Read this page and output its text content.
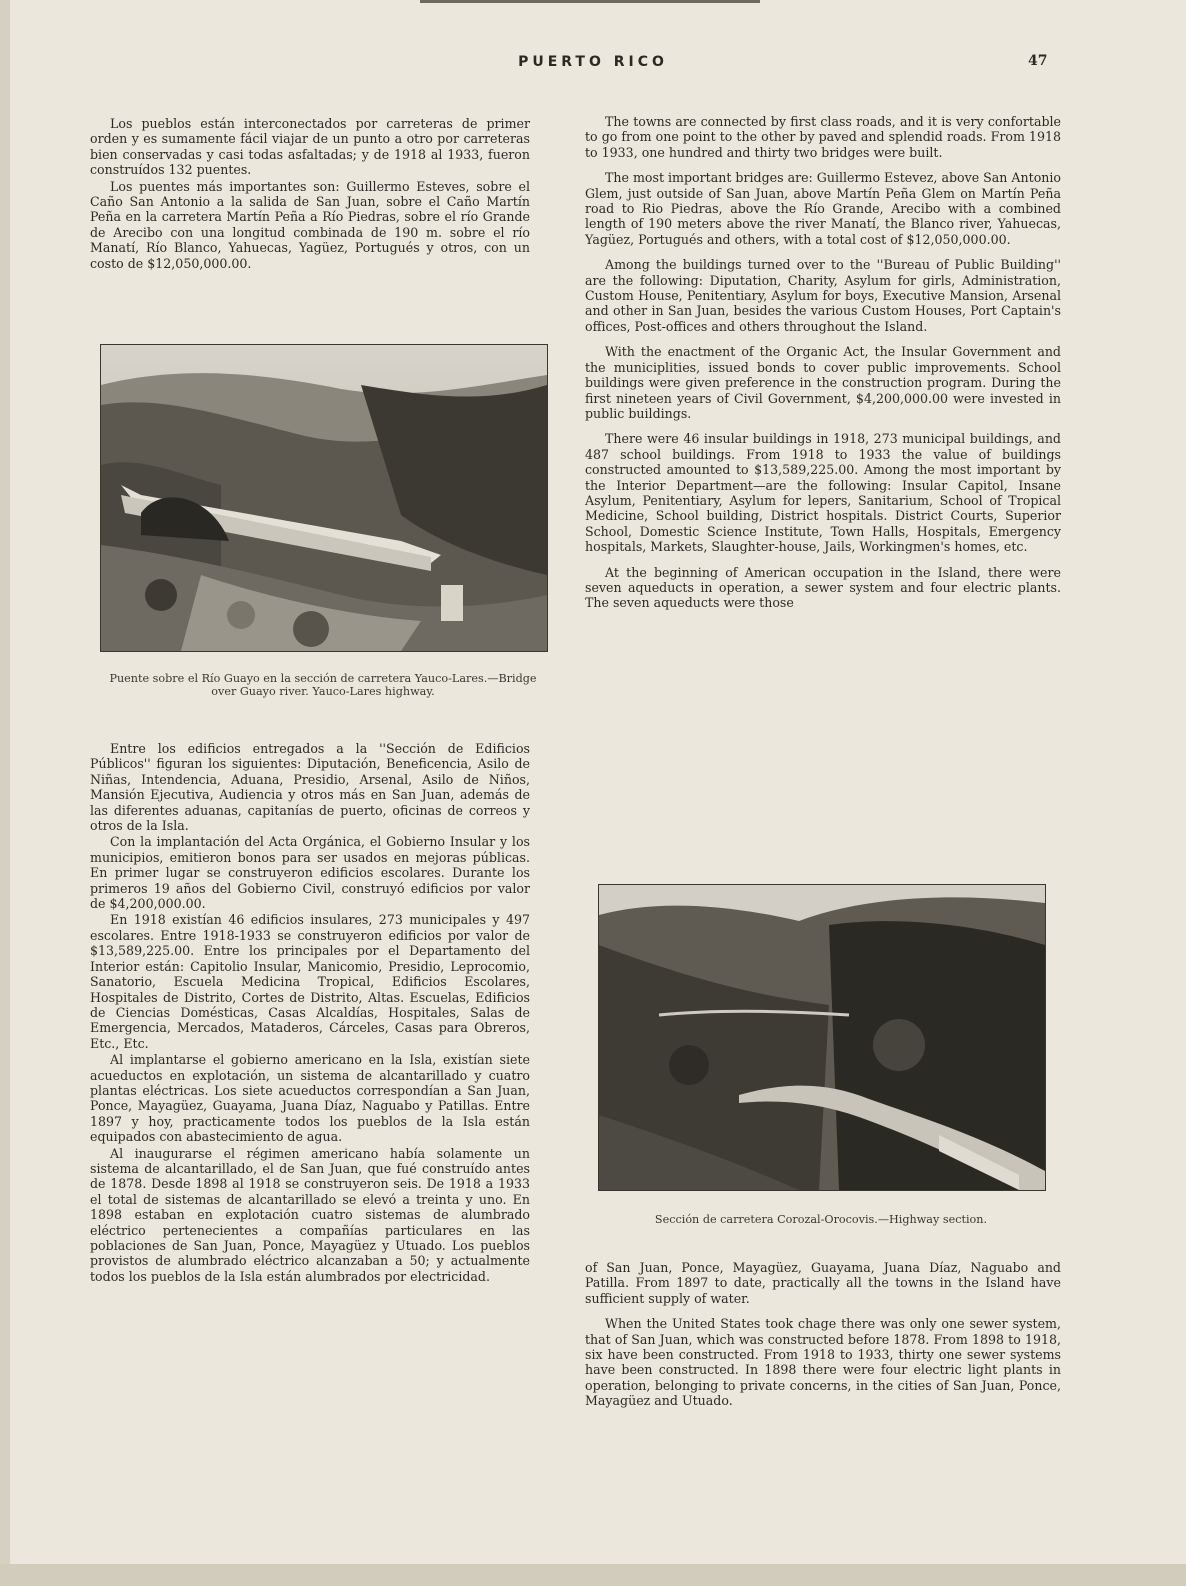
PUERTO RICO	47

Los pueblos están interconectados por carreteras de primer orden y es sumamente fácil viajar de un punto a otro por carreteras bien conservadas y casi todas asfaltadas; y de 1918 al 1933, fueron construídos 132 puentes.

Los puentes más importantes son: Guillermo Esteves, sobre el Caño San Antonio a la salida de San Juan, sobre el Caño Martín Peña en la carretera Martín Peña a Río Piedras, sobre el río Grande de Arecibo con una longitud combinada de 190 m. sobre el río Manatí, Río Blanco, Yahuecas, Yagüez, Portugués y otros, con un costo de $12,050,000.00.

Puente sobre el Río Guayo en la sección de carretera Yauco-Lares.—Bridge over Guayo river. Yauco-Lares highway.

Entre los edificios entregados a la ''Sección de Edificios Públicos'' figuran los siguientes: Diputación, Beneficencia, Asilo de Niñas, Intendencia, Aduana, Presidio, Arsenal, Asilo de Niños, Mansión Ejecutiva, Audiencia y otros más en San Juan, además de las diferentes aduanas, capitanías de puerto, oficinas de correos y otros de la Isla.

Con la implantación del Acta Orgánica, el Gobierno Insular y los municipios, emitieron bonos para ser usados en mejoras públicas. En primer lugar se construyeron edificios escolares. Durante los primeros 19 años del Gobierno Civil, construyó edificios por valor de $4,200,000.00.

En 1918 existían 46 edificios insulares, 273 municipales y 497 escolares. Entre 1918-1933 se construyeron edificios por valor de $13,589,225.00. Entre los principales por el Departamento del Interior están: Capitolio Insular, Manicomio, Presidio, Leprocomio, Sanatorio, Escuela Medicina Tropical, Edificios Escolares, Hospitales de Distrito, Cortes de Distrito, Altas. Escuelas, Edificios de Ciencias Domésticas, Casas Alcaldías, Hospitales, Salas de Emergencia, Mercados, Mataderos, Cárceles, Casas para Obreros, Etc., Etc.

Al implantarse el gobierno americano en la Isla, existían siete acueductos en explotación, un sistema de alcantarillado y cuatro plantas eléctricas. Los siete acueductos correspondían a San Juan, Ponce, Mayagüez, Guayama, Juana Díaz, Naguabo y Patillas. Entre 1897 y hoy, practicamente todos los pueblos de la Isla están equipados con abastecimiento de agua.

Al inaugurarse el régimen americano había solamente un sistema de alcantarillado, el de San Juan, que fué construído antes de 1878. Desde 1898 al 1918 se construyeron seis. De 1918 a 1933 el total de sistemas de alcantarillado se elevó a treinta y uno. En 1898 estaban en explotación cuatro sistemas de alumbrado eléctrico pertenecientes a compañías particulares en las poblaciones de San Juan, Ponce, Mayagüez y Utuado. Los pueblos provistos de alumbrado eléctrico alcanzaban a 50; y actualmente todos los pueblos de la Isla están alumbrados por electricidad.

The towns are connected by first class roads, and it is very confortable to go from one point to the other by paved and splendid roads. From 1918 to 1933, one hundred and thirty two bridges were built.

The most important bridges are: Guillermo Estevez, above San Antonio Glem, just outside of San Juan, above Martín Peña Glem on Martín Peña road to Rio Piedras, above the Río Grande, Arecibo with a combined length of 190 meters above the river Manatí, the Blanco river, Yahuecas, Yagüez, Portugués and others, with a total cost of $12,050,000.00.

Among the buildings turned over to the ''Bureau of Public Building'' are the following: Diputation, Charity, Asylum for girls, Administration, Custom House, Penitentiary, Asylum for boys, Executive Mansion, Arsenal and other in San Juan, besides the various Custom Houses, Port Captain's offices, Post-offices and others throughout the Island.

With the enactment of the Organic Act, the Insular Government and the municiplities, issued bonds to cover public improvements. School buildings were given preference in the construction program. During the first nineteen years of Civil Government, $4,200,000.00 were invested in public buildings.

There were 46 insular buildings in 1918, 273 municipal buildings, and 487 school buildings. From 1918 to 1933 the value of buildings constructed amounted to $13,589,225.00. Among the most important by the Interior Department—are the following: Insular Capitol, Insane Asylum, Penitentiary, Asylum for lepers, Sanitarium, School of Tropical Medicine, School building, District hospitals. District Courts, Superior School, Domestic Science Institute, Town Halls, Hospitals, Emergency hospitals, Markets, Slaughter-house, Jails, Workingmen's homes, etc.

At the beginning of American occupation in the Island, there were seven aqueducts in operation, a sewer system and four electric plants. The seven aqueducts were those

Sección de carretera Corozal-Orocovis.—Highway section.

of San Juan, Ponce, Mayagüez, Guayama, Juana Díaz, Naguabo and Patilla. From 1897 to date, practically all the towns in the Island have sufficient supply of water.

When the United States took chage there was only one sewer system, that of San Juan, which was constructed before 1878. From 1898 to 1918, six have been constructed. From 1918 to 1933, thirty one sewer systems have been constructed. In 1898 there were four electric light plants in operation, belonging to private concerns, in the cities of San Juan, Ponce, Mayagüez and Utuado.
